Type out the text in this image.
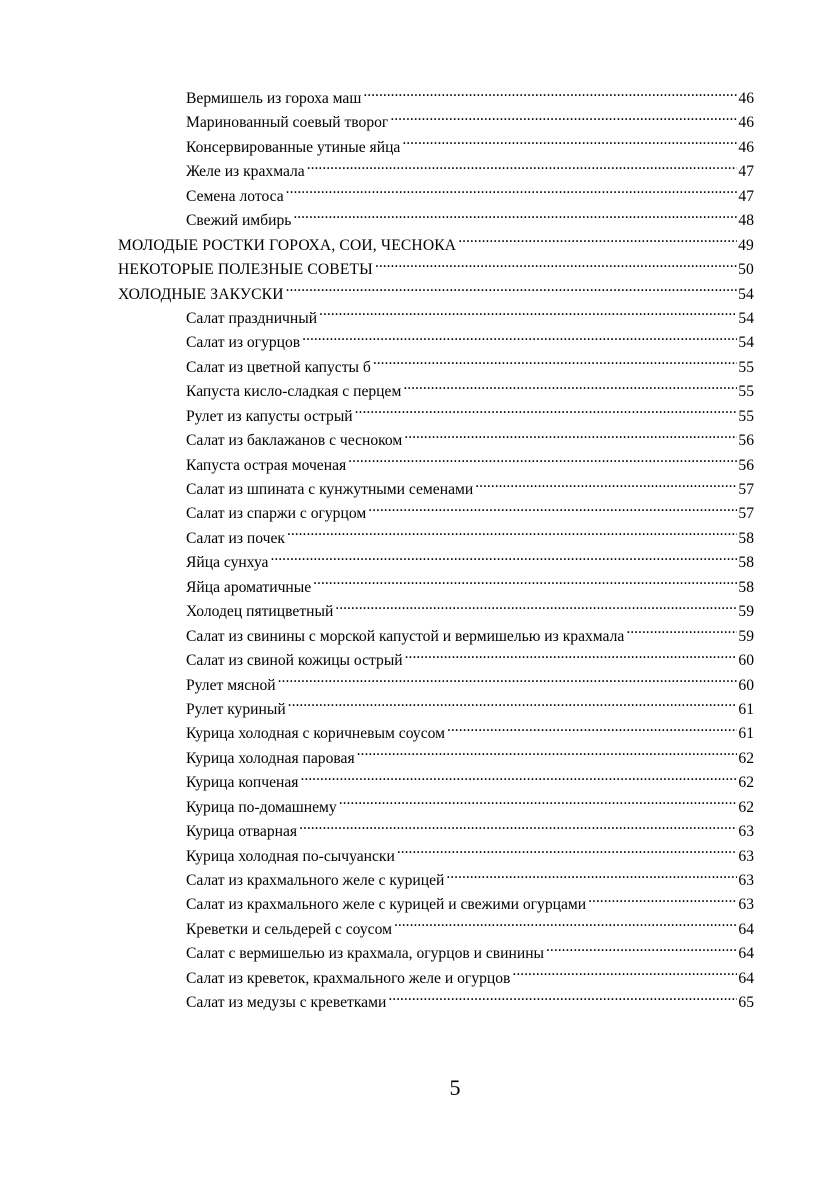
Вермишель из гороха маш .....	46
Маринованный соевый творог .....	46
Консервированные утиные яйца .....	46
Желе из крахмала .....	47
Семена лотоса .....	47
Свежий имбирь .....	48
МОЛОДЫЕ РОСТКИ ГОРОХА, СОИ, ЧЕСНОКА .....	49
НЕКОТОРЫЕ ПОЛЕЗНЫЕ СОВЕТЫ .....	50
ХОЛОДНЫЕ ЗАКУСКИ .....	54
Салат праздничный .....	54
Салат из огурцов .....	54
Салат из цветной капусты б .....	55
Капуста кисло-сладкая с перцем .....	55
Рулет из капусты острый .....	55
Салат из баклажанов с чесноком .....	56
Капуста острая моченая .....	56
Салат из шпината с кунжутными семенами .....	57
Салат из спаржи с огурцом .....	57
Салат из почек .....	58
Яйца сунхуа .....	58
Яйца ароматичные .....	58
Холодец пятицветный .....	59
Салат из свинины с морской капустой и вермишелью из крахмала .....	59
Салат из свиной кожицы острый .....	60
Рулет мясной .....	60
Рулет куриный .....	61
Курица холодная с коричневым соусом .....	61
Курица холодная паровая .....	62
Курица копченая .....	62
Курица по-домашнему .....	62
Курица отварная .....	63
Курица холодная по-сычуански .....	63
Салат из крахмального желе с курицей .....	63
Салат из крахмального желе с курицей и свежими огурцами .....	63
Креветки и сельдерей с соусом .....	64
Салат с вермишелью из крахмала, огурцов и свинины .....	64
Салат из креветок, крахмального желе и огурцов .....	64
Салат из медузы с креветками .....	65
5
